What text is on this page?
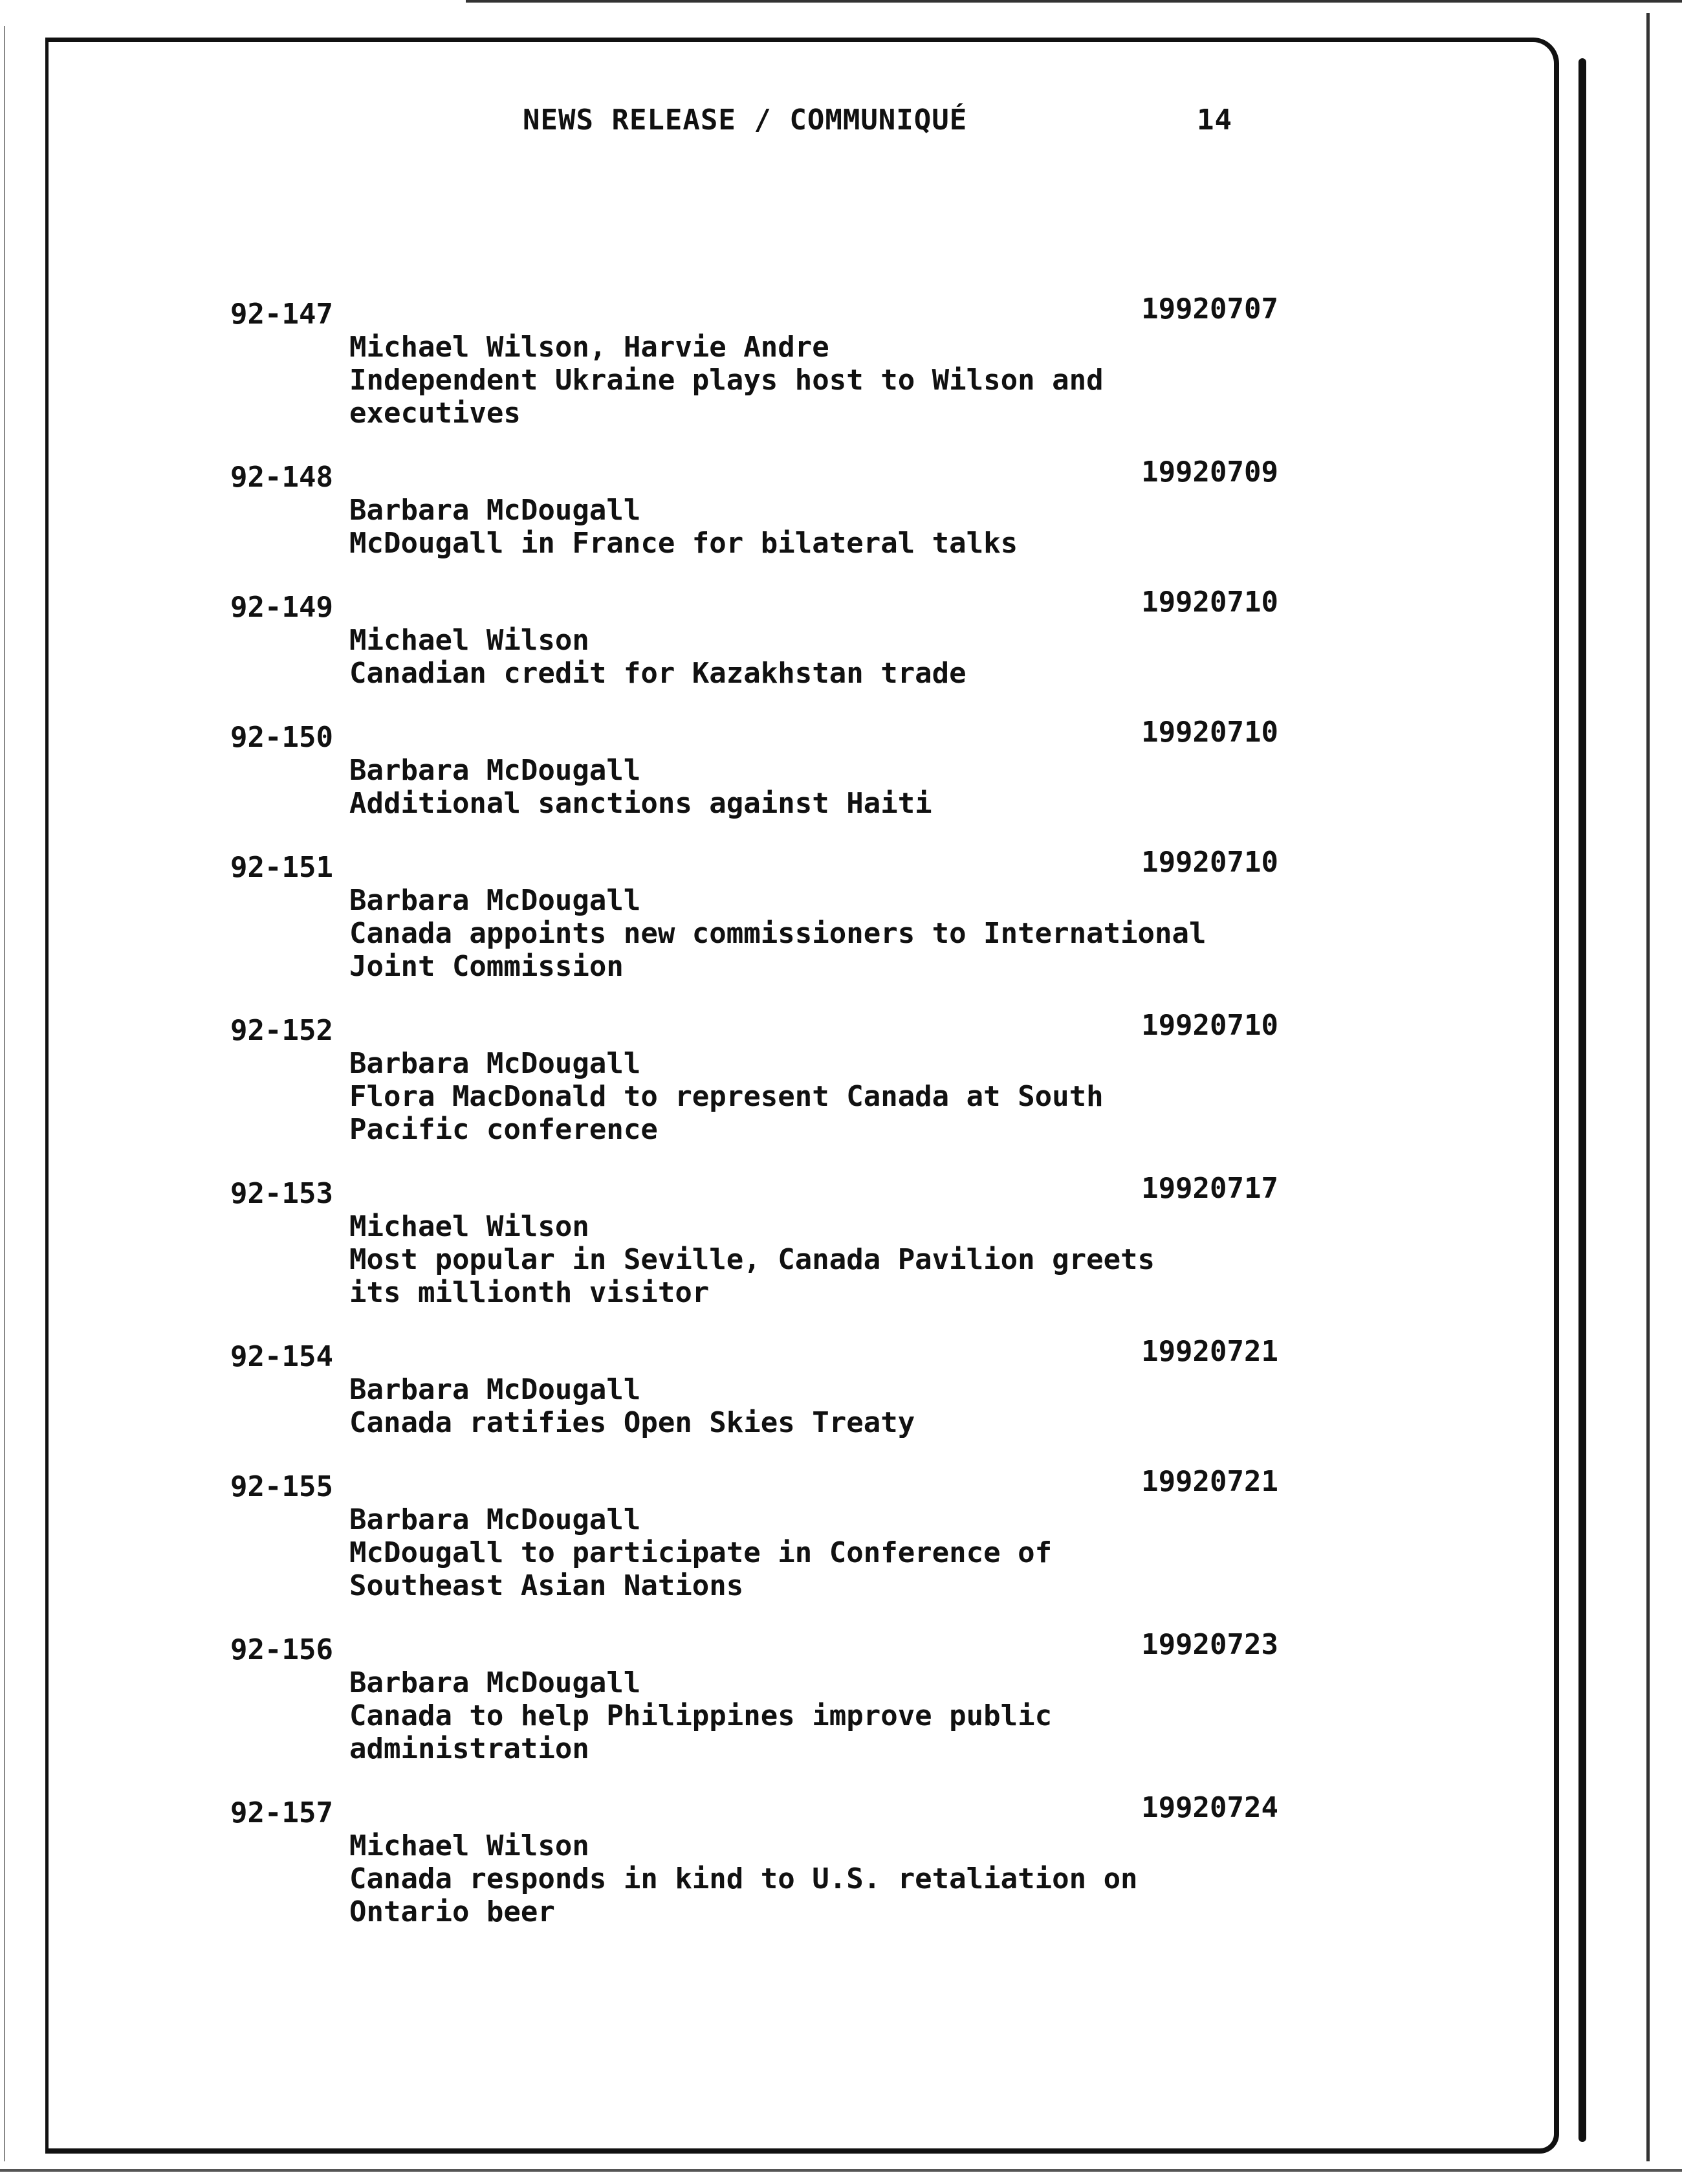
NEWS RELEASE / COMMUNIQUÉ	14
92-147	19920707
Michael Wilson, Harvie Andre
Independent Ukraine plays host to Wilson and
executives
92-148	19920709
Barbara McDougall
McDougall in France for bilateral talks
92-149	19920710
Michael Wilson
Canadian credit for Kazakhstan trade
92-150	19920710
Barbara McDougall
Additional sanctions against Haiti
92-151	19920710
Barbara McDougall
Canada appoints new commissioners to International
Joint Commission
92-152	19920710
Barbara McDougall
Flora MacDonald to represent Canada at South
Pacific conference
92-153	19920717
Michael Wilson
Most popular in Seville, Canada Pavilion greets
its millionth visitor
92-154	19920721
Barbara McDougall
Canada ratifies Open Skies Treaty
92-155	19920721
Barbara McDougall
McDougall to participate in Conference of
Southeast Asian Nations
92-156	19920723
Barbara McDougall
Canada to help Philippines improve public
administration
92-157	19920724
Michael Wilson
Canada responds in kind to U.S. retaliation on
Ontario beer
